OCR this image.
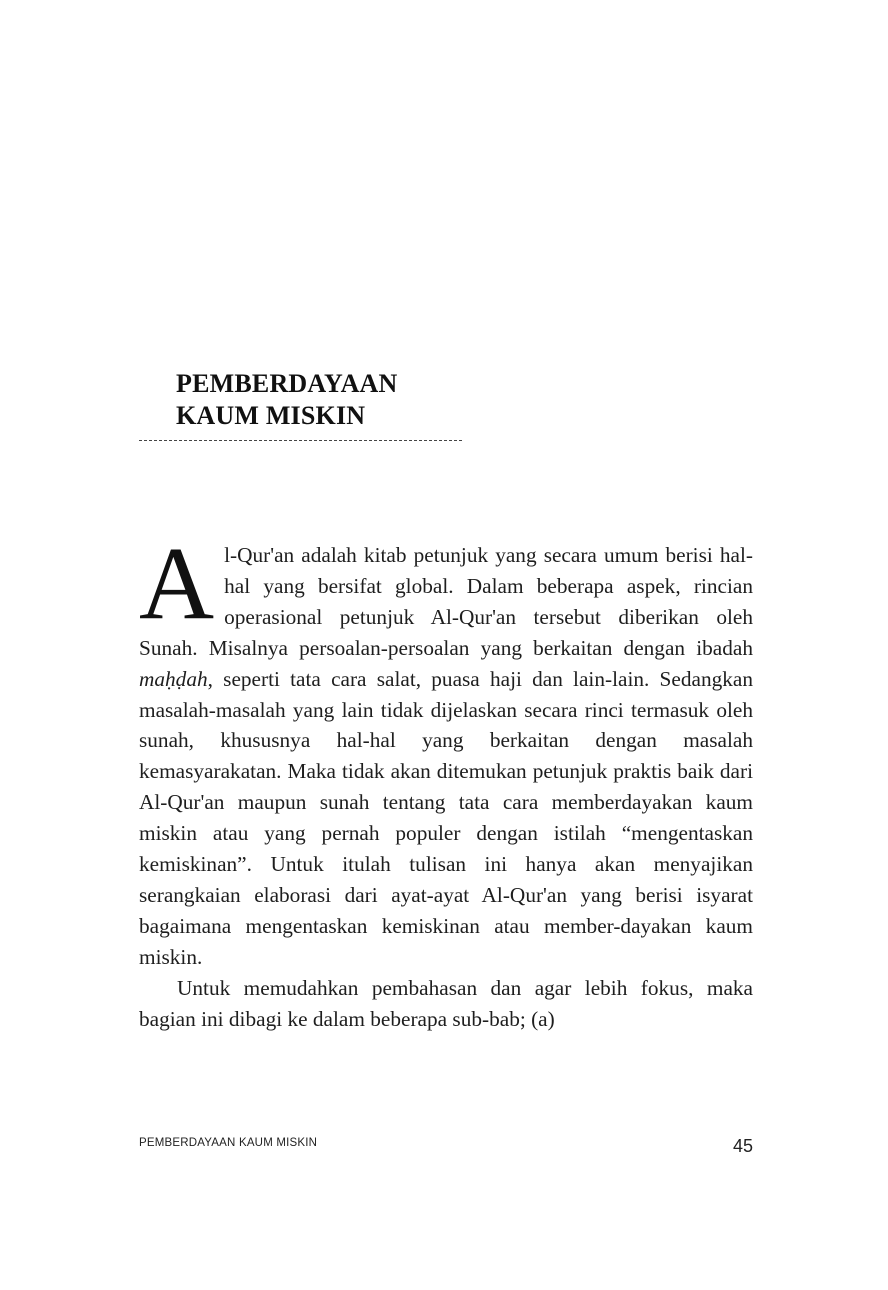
PEMBERDAYAAN
KAUM MISKIN

Al-Qur'an adalah kitab petunjuk yang secara umum berisi hal-hal yang bersifat global. Dalam beberapa aspek, rincian operasional petunjuk Al-Qur'an tersebut diberikan oleh Sunah. Misalnya persoalan-persoalan yang berkaitan dengan ibadah maḥḍah, seperti tata cara salat, puasa haji dan lain-lain. Sedangkan masalah-masalah yang lain tidak dijelaskan secara rinci termasuk oleh sunah, khususnya hal-hal yang berkaitan dengan masalah kemasyarakatan. Maka tidak akan ditemukan petunjuk praktis baik dari Al-Qur'an maupun sunah tentang tata cara memberdayakan kaum miskin atau yang pernah populer dengan istilah “mengentaskan kemiskinan”. Untuk itulah tulisan ini hanya akan menyajikan serangkaian elaborasi dari ayat-ayat Al-Qur'an yang berisi isyarat bagaimana mengentaskan kemiskinan atau member-dayakan kaum miskin.

Untuk memudahkan pembahasan dan agar lebih fokus, maka bagian ini dibagi ke dalam beberapa sub-bab; (a)

PEMBERDAYAAN KAUM MISKIN	45
